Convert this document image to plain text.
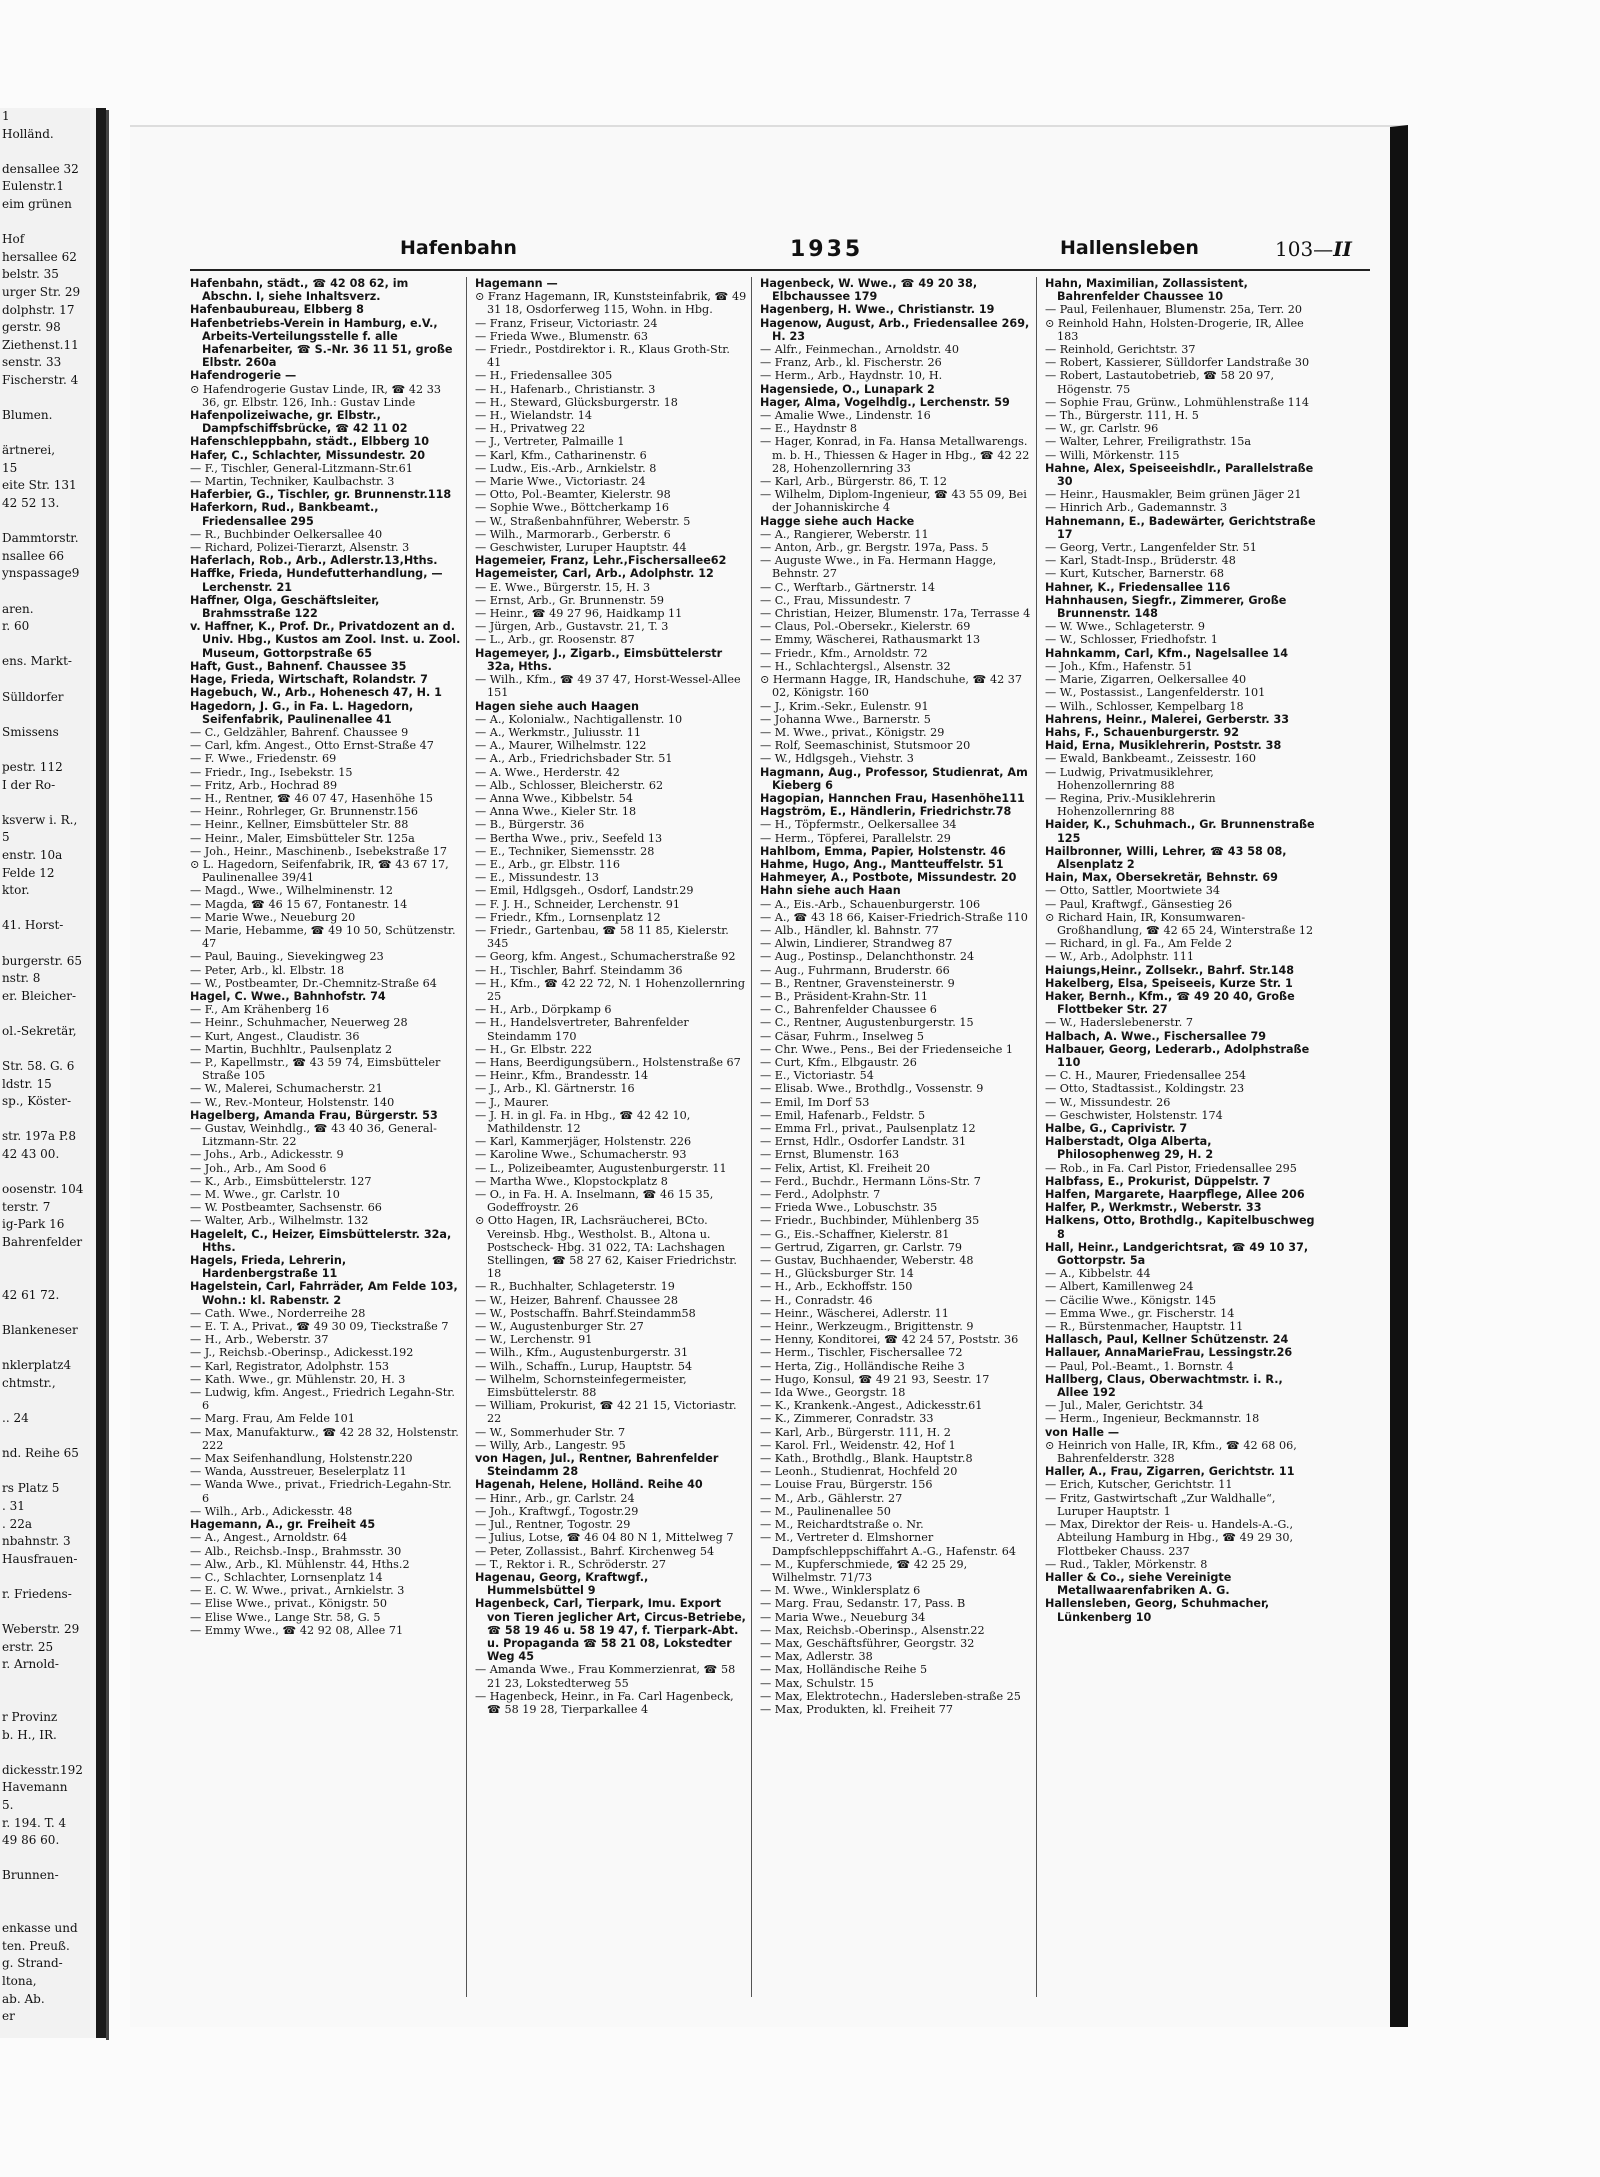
1
Holländ.

densallee 32
Eulenstr.1
eim grünen

Hof
hersallee 62
belstr. 35
urger Str. 29
dolphstr. 17
gerstr. 98
Ziethenst.11
senstr. 33
Fischerstr. 4

Blumen.

ärtnerei,
15
eite Str. 131
42 52 13.

Dammtorstr.
nsallee 66
ynspassage9

aren.
r. 60

ens. Markt-

Sülldorfer

Smissens

pestr. 112
I der Ro-

ksverw i. R.,
5
enstr. 10a
Felde 12
ktor.

41. Horst-

burgerstr. 65
nstr. 8
er. Bleicher-

ol.-Sekretär,

Str. 58. G. 6
ldstr. 15
sp., Köster-

str. 197a P.8
42 43 00.

oosenstr. 104
terstr. 7
ig-Park 16
Bahrenfelder

42 61 72.

Blankeneser

nklerplatz4
chtmstr.,

.. 24

nd. Reihe 65

rs Platz 5
. 31
. 22a
nbahnstr. 3
Hausfrauen-

r. Friedens-

Weberstr. 29
erstr. 25
r. Arnold-

r Provinz
b. H., IR.

dickesstr.192
Havemann
5.
r. 194. T. 4
49 86 60.

Brunnen-

enkasse und
ten. Preuß.
g. Strand-
ltona,
ab. Ab.
er
Hafenbahn	1935	Hallensleben	103—II

Hafenbahn, städt., ☎ 42 08 62, im Abschn. I, siehe Inhaltsverz.

Hafenbaubureau, Elbberg 8

Hafenbetriebs-Verein in Hamburg, e.V., Arbeits-Verteilungsstelle f. alle Hafenarbeiter, ☎ S.-Nr. 36 11 51, große Elbstr. 260a

Hafendrogerie —

⊙ Hafendrogerie Gustav Linde, IR, ☎ 42 33 36, gr. Elbstr. 126, Inh.: Gustav Linde

Hafenpolizeiwache, gr. Elbstr., Dampfschiffsbrücke, ☎ 42 11 02

Hafenschleppbahn, städt., Elbberg 10

Hafer, C., Schlachter, Missundestr. 20

— F., Tischler, General-Litzmann-Str.61

— Martin, Techniker, Kaulbachstr. 3

Haferbier, G., Tischler, gr. Brunnenstr.118

Haferkorn, Rud., Bankbeamt., Friedensallee 295

— R., Buchbinder Oelkersallee 40

— Richard, Polizei-Tierarzt, Alsenstr. 3

Haferlach, Rob., Arb., Adlerstr.13,Hths.

Haffke, Frieda, Hundefutterhandlung, — Lerchenstr. 21

Haffner, Olga, Geschäftsleiter, Brahmsstraße 122

v. Haffner, K., Prof. Dr., Privatdozent an d. Univ. Hbg., Kustos am Zool. Inst. u. Zool. Museum, Gottorpstraße 65

Haft, Gust., Bahnenf. Chaussee 35

Hage, Frieda, Wirtschaft, Rolandstr. 7

Hagebuch, W., Arb., Hohenesch 47, H. 1

Hagedorn, J. G., in Fa. L. Hagedorn, Seifenfabrik, Paulinenallee 41

— C., Geldzähler, Bahrenf. Chaussee 9

— Carl, kfm. Angest., Otto Ernst-Straße 47

— F. Wwe., Friedenstr. 69

— Friedr., Ing., Isebekstr. 15

— Fritz, Arb., Hochrad 89

— H., Rentner, ☎ 46 07 47, Hasenhöhe 15

— Heinr., Rohrleger, Gr. Brunnenstr.156

— Heinr., Kellner, Eimsbütteler Str. 88

— Heinr., Maler, Eimsbütteler Str. 125a

— Joh., Heinr., Maschinenb., Isebekstraße 17

⊙ L. Hagedorn, Seifenfabrik, IR, ☎ 43 67 17, Paulinenallee 39/41

— Magd., Wwe., Wilhelminenstr. 12

— Magda, ☎ 46 15 67, Fontanestr. 14

— Marie Wwe., Neueburg 20

— Marie, Hebamme, ☎ 49 10 50, Schützenstr. 47

— Paul, Bauing., Sievekingweg 23

— Peter, Arb., kl. Elbstr. 18

— W., Postbeamter, Dr.-Chemnitz-Straße 64

Hagel, C. Wwe., Bahnhofstr. 74

— F., Am Krähenberg 16

— Heinr., Schuhmacher, Neuerweg 28

— Kurt, Angest., Claudistr. 36

— Martin, Buchhltr., Paulsenplatz 2

— P., Kapellmstr., ☎ 43 59 74, Eimsbütteler Straße 105

— W., Malerei, Schumacherstr. 21

— W., Rev.-Monteur, Holstenstr. 140

Hagelberg, Amanda Frau, Bürgerstr. 53

— Gustav, Weinhdlg., ☎ 43 40 36, General-Litzmann-Str. 22

— Johs., Arb., Adickesstr. 9

— Joh., Arb., Am Sood 6

— K., Arb., Eimsbüttelerstr. 127

— M. Wwe., gr. Carlstr. 10

— W. Postbeamter, Sachsenstr. 66

— Walter, Arb., Wilhelmstr. 132

Hagelelt, C., Heizer, Eimsbüttelerstr. 32a, Hths.

Hagels, Frieda, Lehrerin, Hardenbergstraße 11

Hagelstein, Carl, Fahrräder, Am Felde 103, Wohn.: kl. Rabenstr. 2

— Cath. Wwe., Norderreihe 28

— E. T. A., Privat., ☎ 49 30 09, Tieckstraße 7

— H., Arb., Weberstr. 37

— J., Reichsb.-Oberinsp., Adickesst.192

— Karl, Registrator, Adolphstr. 153

— Kath. Wwe., gr. Mühlenstr. 20, H. 3

— Ludwig, kfm. Angest., Friedrich Legahn-Str. 6

— Marg. Frau, Am Felde 101

— Max, Manufakturw., ☎ 42 28 32, Holstenstr. 222

— Max Seifenhandlung, Holstenstr.220

— Wanda, Ausstreuer, Beselerplatz 11

— Wanda Wwe., privat., Friedrich-Legahn-Str. 6

— Wilh., Arb., Adickesstr. 48

Hagemann, A., gr. Freiheit 45

— A., Angest., Arnoldstr. 64

— Alb., Reichsb.-Insp., Brahmsstr. 30

— Alw., Arb., Kl. Mühlenstr. 44, Hths.2

— C., Schlachter, Lornsenplatz 14

— E. C. W. Wwe., privat., Arnkielstr. 3

— Elise Wwe., privat., Königstr. 50

— Elise Wwe., Lange Str. 58, G. 5

— Emmy Wwe., ☎ 42 92 08, Allee 71

Hagemann —

⊙ Franz Hagemann, IR, Kunststeinfabrik, ☎ 49 31 18, Osdorferweg 115, Wohn. in Hbg.

— Franz, Friseur, Victoriastr. 24

— Frieda Wwe., Blumenstr. 63

— Friedr., Postdirektor i. R., Klaus Groth-Str. 41

— H., Friedensallee 305

— H., Hafenarb., Christianstr. 3

— H., Steward, Glücksburgerstr. 18

— H., Wielandstr. 14

— H., Privatweg 22

— J., Vertreter, Palmaille 1

— Karl, Kfm., Catharinenstr. 6

— Ludw., Eis.-Arb., Arnkielstr. 8

— Marie Wwe., Victoriastr. 24

— Otto, Pol.-Beamter, Kielerstr. 98

— Sophie Wwe., Böttcherkamp 16

— W., Straßenbahnführer, Weberstr. 5

— Wilh., Marmorarb., Gerberstr. 6

— Geschwister, Luruper Hauptstr. 44

Hagemeier, Franz, Lehr.,Fischersallee62

Hagemeister, Carl, Arb., Adolphstr. 12

— E. Wwe., Bürgerstr. 15, H. 3

— Ernst, Arb., Gr. Brunnenstr. 59

— Heinr., ☎ 49 27 96, Haidkamp 11

— Jürgen, Arb., Gustavstr. 21, T. 3

— L., Arb., gr. Roosenstr. 87

Hagemeyer, J., Zigarb., Eimsbüttelerstr 32a, Hths.

— Wilh., Kfm., ☎ 49 37 47, Horst-Wessel-Allee 151

Hagen siehe auch Haagen

— A., Kolonialw., Nachtigallenstr. 10

— A., Werkmstr., Juliusstr. 11

— A., Maurer, Wilhelmstr. 122

— A., Arb., Friedrichsbader Str. 51

— A. Wwe., Herderstr. 42

— Alb., Schlosser, Bleicherstr. 62

— Anna Wwe., Kibbelstr. 54

— Anna Wwe., Kieler Str. 18

— B., Bürgerstr. 36

— Bertha Wwe., priv., Seefeld 13

— E., Techniker, Siemensstr. 28

— E., Arb., gr. Elbstr. 116

— E., Missundestr. 13

— Emil, Hdlgsgeh., Osdorf, Landstr.29

— F. J. H., Schneider, Lerchenstr. 91

— Friedr., Kfm., Lornsenplatz 12

— Friedr., Gartenbau, ☎ 58 11 85, Kielerstr. 345

— Georg, kfm. Angest., Schumacherstraße 92

— H., Tischler, Bahrf. Steindamm 36

— H., Kfm., ☎ 42 22 72, N. 1 Hohenzollernring 25

— H., Arb., Dörpkamp 6

— H., Handelsvertreter, Bahrenfelder Steindamm 170

— H., Gr. Elbstr. 222

— Hans, Beerdigungsübern., Holstenstraße 67

— Heinr., Kfm., Brandesstr. 14

— J., Arb., Kl. Gärtnerstr. 16

— J., Maurer.

— J. H. in gl. Fa. in Hbg., ☎ 42 42 10, Mathildenstr. 12

— Karl, Kammerjäger, Holstenstr. 226

— Karoline Wwe., Schumacherstr. 93

— L., Polizeibeamter, Augustenburgerstr. 11

— Martha Wwe., Klopstockplatz 8

— O., in Fa. H. A. Inselmann, ☎ 46 15 35, Godeffroystr. 26

⊙ Otto Hagen, IR, Lachsräucherei, BCto. Vereinsb. Hbg., Westholst. B., Altona u. Postscheck- Hbg. 31 022, TA: Lachshagen Stellingen, ☎ 58 27 62, Kaiser Friedrichstr. 18

— R., Buchhalter, Schlageterstr. 19

— W., Heizer, Bahrenf. Chaussee 28

— W., Postschaffn. Bahrf.Steindamm58

— W., Augustenburger Str. 27

— W., Lerchenstr. 91

— Wilh., Kfm., Augustenburgerstr. 31

— Wilh., Schaffn., Lurup, Hauptstr. 54

— Wilhelm, Schornsteinfegermeister, Eimsbüttelerstr. 88

— William, Prokurist, ☎ 42 21 15, Victoriastr. 22

— W., Sommerhuder Str. 7

— Willy, Arb., Langestr. 95

von Hagen, Jul., Rentner, Bahrenfelder Steindamm 28

Hagenah, Helene, Holländ. Reihe 40

— Hinr., Arb., gr. Carlstr. 24

— Joh., Kraftwgf., Togostr.29

— Jul., Rentner, Togostr. 29

— Julius, Lotse, ☎ 46 04 80 N 1, Mittelweg 7

— Peter, Zollassist., Bahrf. Kirchenweg 54

— T., Rektor i. R., Schröderstr. 27

Hagenau, Georg, Kraftwgf., Hummelsbüttel 9

Hagenbeck, Carl, Tierpark, Imu. Export von Tieren jeglicher Art, Circus-Betriebe, ☎ 58 19 46 u. 58 19 47, f. Tierpark-Abt. u. Propaganda ☎ 58 21 08, Lokstedter Weg 45

— Amanda Wwe., Frau Kommerzienrat, ☎ 58 21 23, Lokstedterweg 55

— Hagenbeck, Heinr., in Fa. Carl Hagenbeck, ☎ 58 19 28, Tierparkallee 4

Hagenbeck, W. Wwe., ☎ 49 20 38, Elbchaussee 179

Hagenberg, H. Wwe., Christianstr. 19

Hagenow, August, Arb., Friedensallee 269, H. 23

— Alfr., Feinmechan., Arnoldstr. 40

— Franz, Arb., kl. Fischerstr. 26

— Herm., Arb., Haydnstr. 10, H.

Hagensiede, O., Lunapark 2

Hager, Alma, Vogelhdlg., Lerchenstr. 59

— Amalie Wwe., Lindenstr. 16

— E., Haydnstr 8

— Hager, Konrad, in Fa. Hansa Metallwarengs. m. b. H., Thiessen & Hager in Hbg., ☎ 42 22 28, Hohenzollernring 33

— Karl, Arb., Bürgerstr. 86, T. 12

— Wilhelm, Diplom-Ingenieur, ☎ 43 55 09, Bei der Johanniskirche 4

Hagge siehe auch Hacke

— A., Rangierer, Weberstr. 11

— Anton, Arb., gr. Bergstr. 197a, Pass. 5

— Auguste Wwe., in Fa. Hermann Hagge, Behnstr. 27

— C., Werftarb., Gärtnerstr. 14

— C., Frau, Missundestr. 7

— Christian, Heizer, Blumenstr. 17a, Terrasse 4

— Claus, Pol.-Obersekr., Kielerstr. 69

— Emmy, Wäscherei, Rathausmarkt 13

— Friedr., Kfm., Arnoldstr. 72

— H., Schlachtergsl., Alsenstr. 32

⊙ Hermann Hagge, IR, Handschuhe, ☎ 42 37 02, Königstr. 160

— J., Krim.-Sekr., Eulenstr. 91

— Johanna Wwe., Barnerstr. 5

— M. Wwe., privat., Königstr. 29

— Rolf, Seemaschinist, Stutsmoor 20

— W., Hdlgsgeh., Viehstr. 3

Hagmann, Aug., Professor, Studienrat, Am Kieberg 6

Hagopian, Hannchen Frau, Hasenhöhe111

Hagström, E., Händlerin, Friedrichstr.78

— H., Töpfermstr., Oelkersallee 34

— Herm., Töpferei, Parallelstr. 29

Hahlbom, Emma, Papier, Holstenstr. 46

Hahme, Hugo, Ang., Mantteuffelstr. 51

Hahmeyer, A., Postbote, Missundestr. 20

Hahn siehe auch Haan

— A., Eis.-Arb., Schauenburgerstr. 106

— A., ☎ 43 18 66, Kaiser-Friedrich-Straße 110

— Alb., Händler, kl. Bahnstr. 77

— Alwin, Lindierer, Strandweg 87

— Aug., Postinsp., Delanchthonstr. 24

— Aug., Fuhrmann, Bruderstr. 66

— B., Rentner, Gravensteinerstr. 9

— B., Präsident-Krahn-Str. 11

— C., Bahrenfelder Chaussee 6

— C., Rentner, Augustenburgerstr. 15

— Cäsar, Fuhrm., Inselweg 5

— Chr. Wwe., Pens., Bei der Friedenseiche 1

— Curt, Kfm., Elbgaustr. 26

— E., Victoriastr. 54

— Elisab. Wwe., Brothdlg., Vossenstr. 9

— Emil, Im Dorf 53

— Emil, Hafenarb., Feldstr. 5

— Emma Frl., privat., Paulsenplatz 12

— Ernst, Hdlr., Osdorfer Landstr. 31

— Ernst, Blumenstr. 163

— Felix, Artist, Kl. Freiheit 20

— Ferd., Buchdr., Hermann Löns-Str. 7

— Ferd., Adolphstr. 7

— Frieda Wwe., Lobuschstr. 35

— Friedr., Buchbinder, Mühlenberg 35

— G., Eis.-Schaffner, Kielerstr. 81

— Gertrud, Zigarren, gr. Carlstr. 79

— Gustav, Buchhaender, Weberstr. 48

— H., Glücksburger Str. 14

— H., Arb., Eckhoffstr. 150

— H., Conradstr. 46

— Heinr., Wäscherei, Adlerstr. 11

— Heinr., Werkzeugm., Brigittenstr. 9

— Henny, Konditorei, ☎ 42 24 57, Poststr. 36

— Herm., Tischler, Fischersallee 72

— Herta, Zig., Holländische Reihe 3

— Hugo, Konsul, ☎ 49 21 93, Seestr. 17

— Ida Wwe., Georgstr. 18

— K., Krankenk.-Angest., Adickesstr.61

— K., Zimmerer, Conradstr. 33

— Karl, Arb., Bürgerstr. 111, H. 2

— Karol. Frl., Weidenstr. 42, Hof 1

— Kath., Brothdlg., Blank. Hauptstr.8

— Leonh., Studienrat, Hochfeld 20

— Louise Frau, Bürgerstr. 156

— M., Arb., Gählerstr. 27

— M., Paulinenallee 50

— M., Reichardtstraße o. Nr.

— M., Vertreter d. Elmshorner Dampfschleppschiffahrt A.-G., Hafenstr. 64

— M., Kupferschmiede, ☎ 42 25 29, Wilhelmstr. 71/73

— M. Wwe., Winklersplatz 6

— Marg. Frau, Sedanstr. 17, Pass. B

— Maria Wwe., Neueburg 34

— Max, Reichsb.-Oberinsp., Alsenstr.22

— Max, Geschäftsführer, Georgstr. 32

— Max, Adlerstr. 38

— Max, Holländische Reihe 5

— Max, Schulstr. 15

— Max, Elektrotechn., Hadersleben-straße 25

— Max, Produkten, kl. Freiheit 77

Hahn, Maximilian, Zollassistent, Bahrenfelder Chaussee 10

— Paul, Feilenhauer, Blumenstr. 25a, Terr. 20

⊙ Reinhold Hahn, Holsten-Drogerie, IR, Allee 183

— Reinhold, Gerichtstr. 37

— Robert, Kassierer, Sülldorfer Landstraße 30

— Robert, Lastautobetrieb, ☎ 58 20 97, Högenstr. 75

— Sophie Frau, Grünw., Lohmühlenstraße 114

— Th., Bürgerstr. 111, H. 5

— W., gr. Carlstr. 96

— Walter, Lehrer, Freiligrathstr. 15a

— Willi, Mörkenstr. 115

Hahne, Alex, Speiseeishdlr., Parallelstraße 30

— Heinr., Hausmakler, Beim grünen Jäger 21

— Hinrich Arb., Gademannstr. 3

Hahnemann, E., Badewärter, Gerichtstraße 17

— Georg, Vertr., Langenfelder Str. 51

— Karl, Stadt-Insp., Brüderstr. 48

— Kurt, Kutscher, Barnerstr. 68

Hahner, K., Friedensallee 116

Hahnhausen, Siegfr., Zimmerer, Große Brunnenstr. 148

— W. Wwe., Schlageterstr. 9

— W., Schlosser, Friedhofstr. 1

Hahnkamm, Carl, Kfm., Nagelsallee 14

— Joh., Kfm., Hafenstr. 51

— Marie, Zigarren, Oelkersallee 40

— W., Postassist., Langenfelderstr. 101

— Wilh., Schlosser, Kempelbarg 18

Hahrens, Heinr., Malerei, Gerberstr. 33

Hahs, F., Schauenburgerstr. 92

Haid, Erna, Musiklehrerin, Poststr. 38

— Ewald, Bankbeamt., Zeissestr. 160

— Ludwig, Privatmusiklehrer, Hohenzollernring 88

— Regina, Priv.-Musiklehrerin Hohenzollernring 88

Haider, K., Schuhmach., Gr. Brunnenstraße 125

Hailbronner, Willi, Lehrer, ☎ 43 58 08, Alsenplatz 2

Hain, Max, Obersekretär, Behnstr. 69

— Otto, Sattler, Moortwiete 34

— Paul, Kraftwgf., Gänsestieg 26

⊙ Richard Hain, IR, Konsumwaren-Großhandlung, ☎ 42 65 24, Winterstraße 12

— Richard, in gl. Fa., Am Felde 2

— W., Arb., Adolphstr. 111

Haiungs,Heinr., Zollsekr., Bahrf. Str.148

Hakelberg, Elsa, Speiseeis, Kurze Str. 1

Haker, Bernh., Kfm., ☎ 49 20 40, Große Flottbeker Str. 27

— W., Haderslebenerstr. 7

Halbach, A. Wwe., Fischersallee 79

Halbauer, Georg, Lederarb., Adolphstraße 110

— C. H., Maurer, Friedensallee 254

— Otto, Stadtassist., Koldingstr. 23

— W., Missundestr. 26

— Geschwister, Holstenstr. 174

Halbe, G., Caprivistr. 7

Halberstadt, Olga Alberta, Philosophenweg 29, H. 2

— Rob., in Fa. Carl Pistor, Friedensallee 295

Halbfass, E., Prokurist, Düppelstr. 7

Halfen, Margarete, Haarpflege, Allee 206

Halfer, P., Werkmstr., Weberstr. 33

Halkens, Otto, Brothdlg., Kapitelbuschweg 8

Hall, Heinr., Landgerichtsrat, ☎ 49 10 37, Gottorpstr. 5a

— A., Kibbelstr. 44

— Albert, Kamillenweg 24

— Cäcilie Wwe., Königstr. 145

— Emma Wwe., gr. Fischerstr. 14

— R., Bürstenmacher, Hauptstr. 11

Hallasch, Paul, Kellner Schützenstr. 24

Hallauer, AnnaMarieFrau, Lessingstr.26

— Paul, Pol.-Beamt., 1. Bornstr. 4

Hallberg, Claus, Oberwachtmstr. i. R., Allee 192

— Jul., Maler, Gerichtstr. 34

— Herm., Ingenieur, Beckmannstr. 18

von Halle —

⊙ Heinrich von Halle, IR, Kfm., ☎ 42 68 06, Bahrenfelderstr. 328

Haller, A., Frau, Zigarren, Gerichtstr. 11

— Erich, Kutscher, Gerichtstr. 11

— Fritz, Gastwirtschaft „Zur Waldhalle“, Luruper Hauptstr. 1

— Max, Direktor der Reis- u. Handels-A.-G., Abteilung Hamburg in Hbg., ☎ 49 29 30, Flottbeker Chauss. 237

— Rud., Takler, Mörkenstr. 8

Haller & Co., siehe Vereinigte Metallwaarenfabriken A. G.

Hallensleben, Georg, Schuhmacher, Lünkenberg 10
